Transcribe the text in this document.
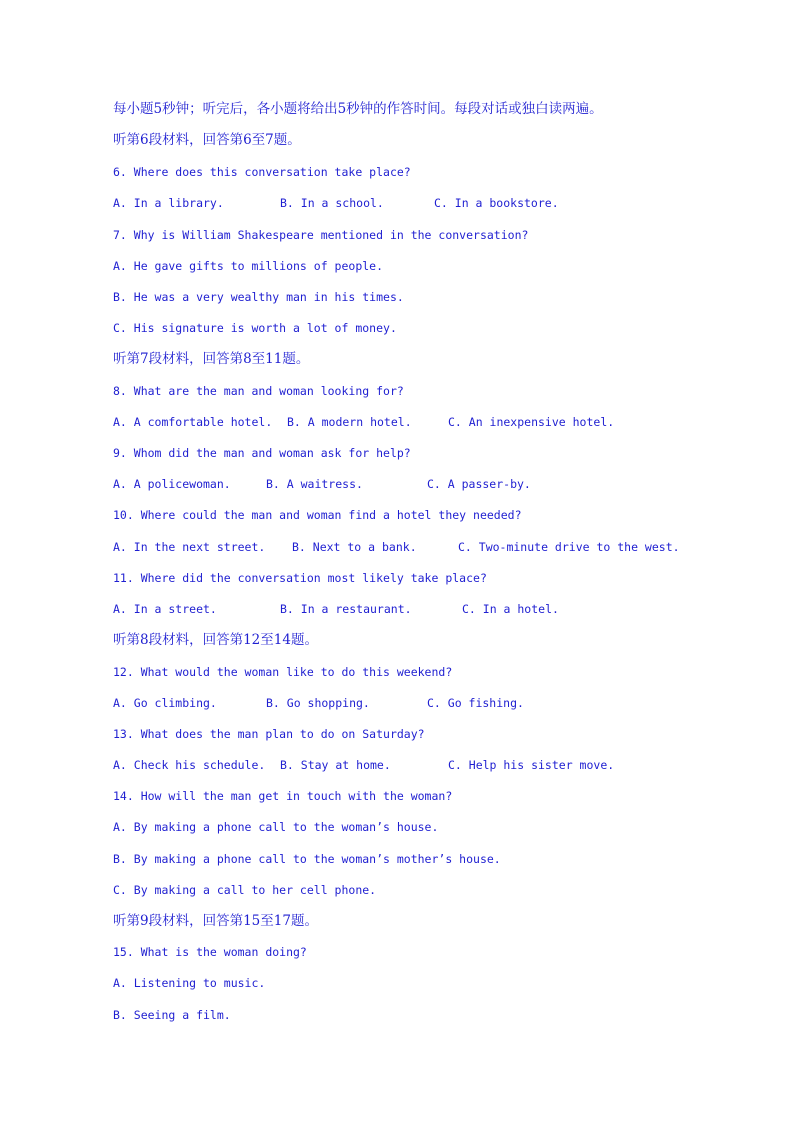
每小题5秒钟；听完后，各小题将给出5秒钟的作答时间。每段对话或独白读两遍。
听第6段材料，回答第6至7题。
6. Where does this conversation take place?

A. In a library.

	B. In a school.

	C. In a bookstore.

7. Why is William Shakespeare mentioned in the conversation?
A. He gave gifts to millions of people.
B. He was a very wealthy man in his times.
C. His signature is worth a lot of money.
听第7段材料，回答第8至11题。
8. What are the man and woman looking for?

A. A comfortable hotel.

B. A modern hotel.

	C. An inexpensive hotel.

9. Whom did the man and woman ask for help?

A. A policewoman.

	B. A waitress.

	C. A passer-by.

10. Where could the man and woman find a hotel they needed?

A. In the next street.

B. Next to a bank.

	C. Two-minute drive to the west.

11. Where did the conversation most likely take place?

A. In a street.

	B. In a restaurant.

	C. In a hotel.

听第8段材料，回答第12至14题。
12. What would the woman like to do this weekend?

A. Go climbing.

	B. Go shopping.

	C. Go fishing.

13. What does the man plan to do on Saturday?

A. Check his schedule.

B. Stay at home.

	C. Help his sister move.

14. How will the man get in touch with the woman?
A. By making a phone call to the woman’s house.
B. By making a phone call to the woman’s mother’s house.
C. By making a call to her cell phone.
听第9段材料，回答第15至17题。
15. What is the woman doing?
A. Listening to music.
B. Seeing a film.
